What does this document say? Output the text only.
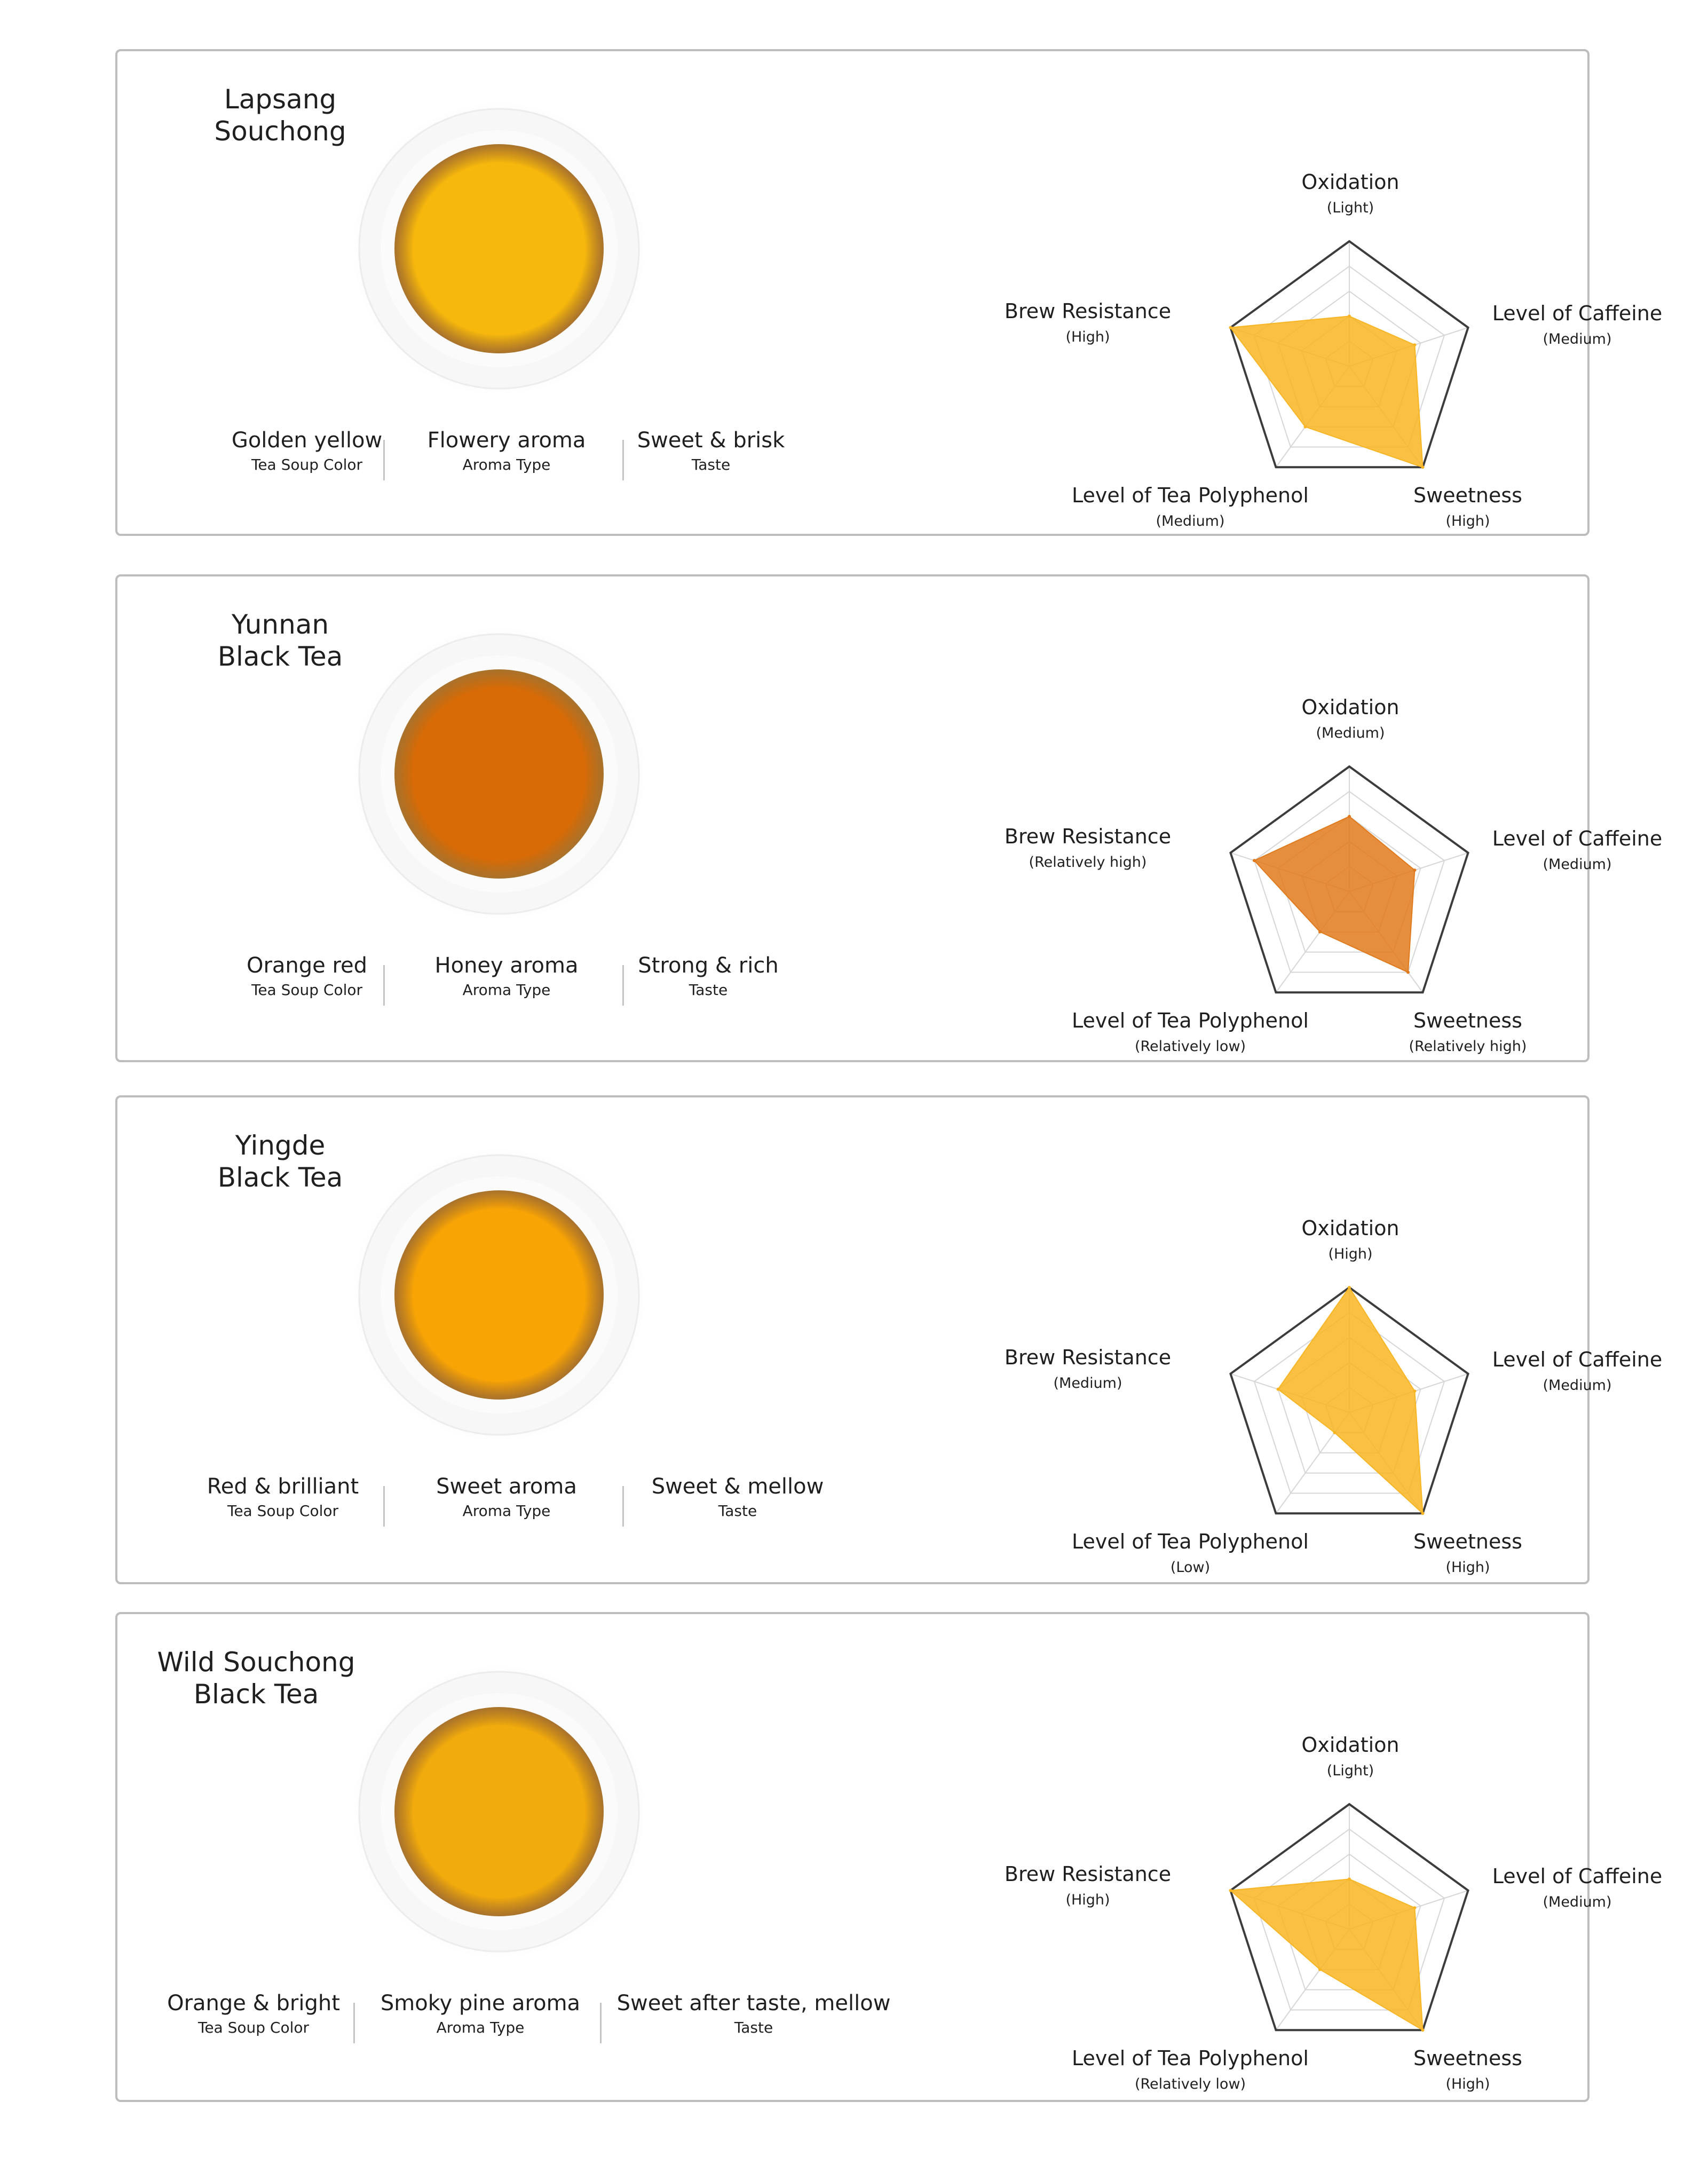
Lapsang
Souchong
Golden yellow
Tea Soup Color
Flowery aroma
Aroma Type
Sweet & brisk
Taste
Oxidation
(Light)
Level of Caffeine
(Medium)
Sweetness
(High)
Level of Tea Polyphenol
(Medium)
Brew Resistance
(High)
Yunnan
Black Tea
Orange red
Tea Soup Color
Honey aroma
Aroma Type
Strong & rich
Taste
Oxidation
(Medium)
Level of Caffeine
(Medium)
Sweetness
(Relatively high)
Level of Tea Polyphenol
(Relatively low)
Brew Resistance
(Relatively high)
Yingde
Black Tea
Red & brilliant
Tea Soup Color
Sweet aroma
Aroma Type
Sweet & mellow
Taste
Oxidation
(High)
Level of Caffeine
(Medium)
Sweetness
(High)
Level of Tea Polyphenol
(Low)
Brew Resistance
(Medium)
Wild Souchong
Black Tea
Orange & bright
Tea Soup Color
Smoky pine aroma
Aroma Type
Sweet after taste, mellow
Taste
Oxidation
(Light)
Level of Caffeine
(Medium)
Sweetness
(High)
Level of Tea Polyphenol
(Relatively low)
Brew Resistance
(High)
